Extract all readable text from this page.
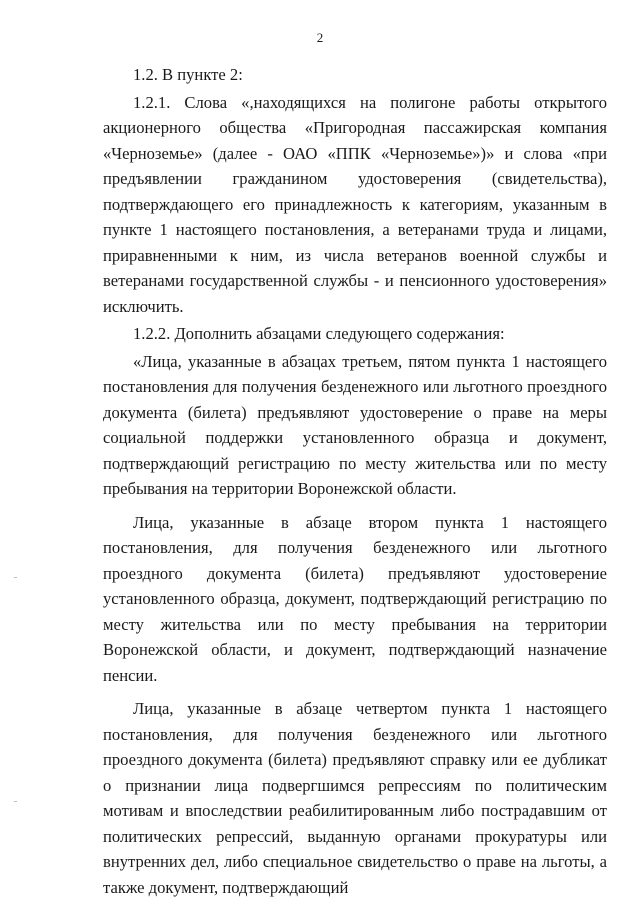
2

1.2. В пункте 2:

1.2.1. Слова «,находящихся на полигоне работы открытого акционерного общества «Пригородная пассажирская компания «Черноземье» (далее - ОАО «ППК «Черноземье»)» и слова «при предъявлении гражданином удостоверения (свидетельства), подтверждающего его принадлежность к категориям, указанным в пункте 1 настоящего постановления, а ветеранами труда и лицами, приравненными к ним, из числа ветеранов военной службы и ветеранами государственной службы - и пенсионного удостоверения» исключить.

1.2.2. Дополнить абзацами следующего содержания:

«Лица, указанные в абзацах третьем, пятом пункта 1 настоящего постановления для получения безденежного или льготного проездного документа (билета) предъявляют удостоверение о праве на меры социальной поддержки установленного образца и документ, подтверждающий регистрацию по месту жительства или по месту пребывания на территории Воронежской области.

Лица, указанные в абзаце втором пункта 1 настоящего постановления, для получения безденежного или льготного проездного документа (билета) предъявляют удостоверение установленного образца, документ, подтверждающий регистрацию по месту жительства или по месту пребывания на территории Воронежской области, и документ, подтверждающий назначение пенсии.

Лица, указанные в абзаце четвертом пункта 1 настоящего постановления, для получения безденежного или льготного проездного документа (билета) предъявляют справку или ее дубликат о признании лица подвергшимся репрессиям по политическим мотивам и впоследствии реабилитированным либо пострадавшим от политических репрессий, выданную органами прокуратуры или внутренних дел, либо специальное свидетельство о праве на льготы, а также документ, подтверждающий
